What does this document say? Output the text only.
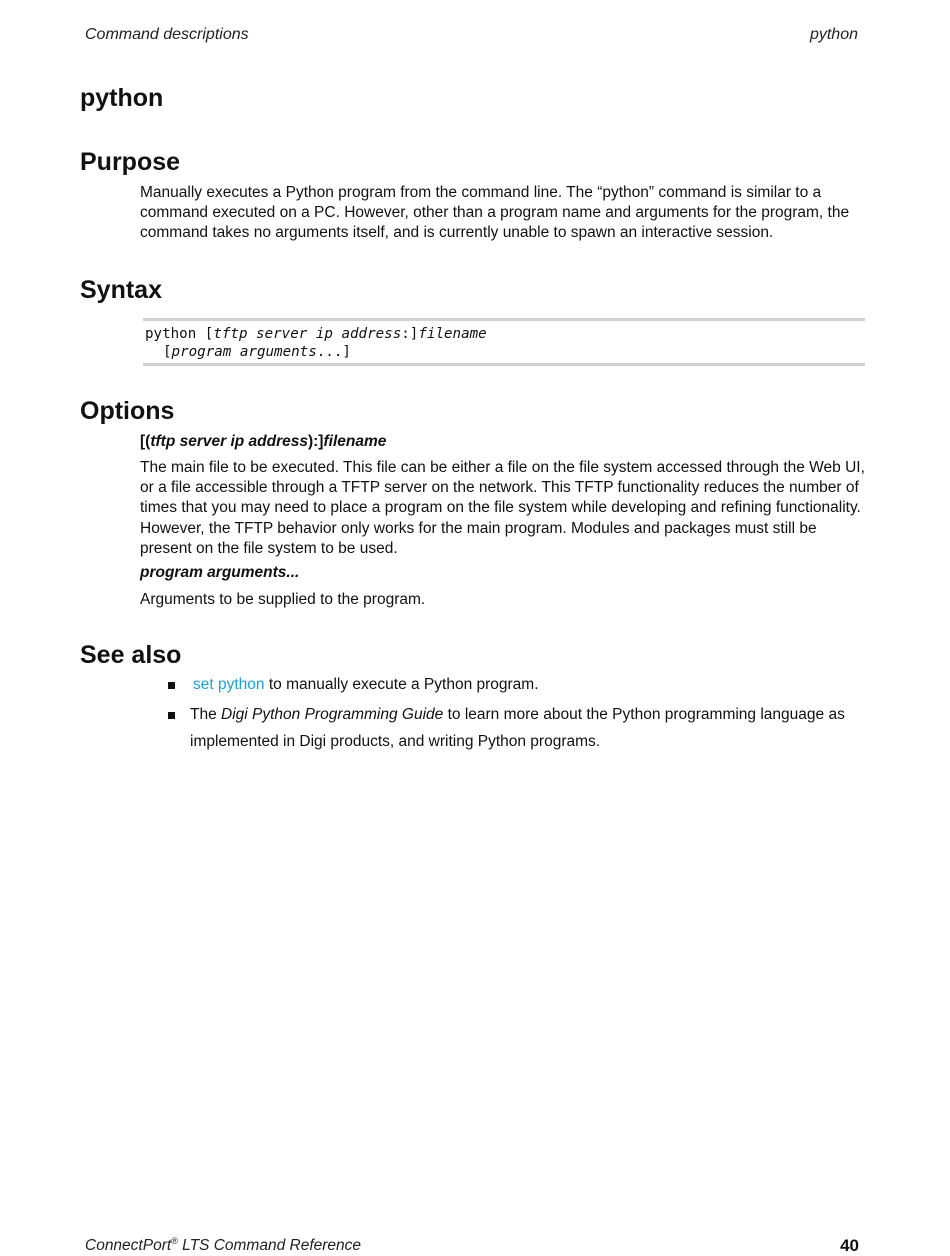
Command descriptions	python
python
Purpose

Manually executes a Python program from the command line. The “python” command is similar to a command executed on a PC. However, other than a program name and arguments for the program, the command takes no arguments itself, and is currently unable to spawn an interactive session.

Syntax
python [tftp server ip address:]filename
[program arguments...]
Options

[(tftp server ip address):]filename

The main file to be executed. This file can be either a file on the file system accessed through the Web UI, or a file accessible through a TFTP server on the network. This TFTP functionality reduces the number of times that you may need to place a program on the file system while developing and refining functionality. However, the TFTP behavior only works for the main program. Modules and packages must still be present on the file system to be used.

program arguments...

Arguments to be supplied to the program.

See also
set python to manually execute a Python program.
The Digi Python Programming Guide to learn more about the Python programming language as implemented in Digi products, and writing Python programs.
ConnectPort® LTS Command Reference	40
